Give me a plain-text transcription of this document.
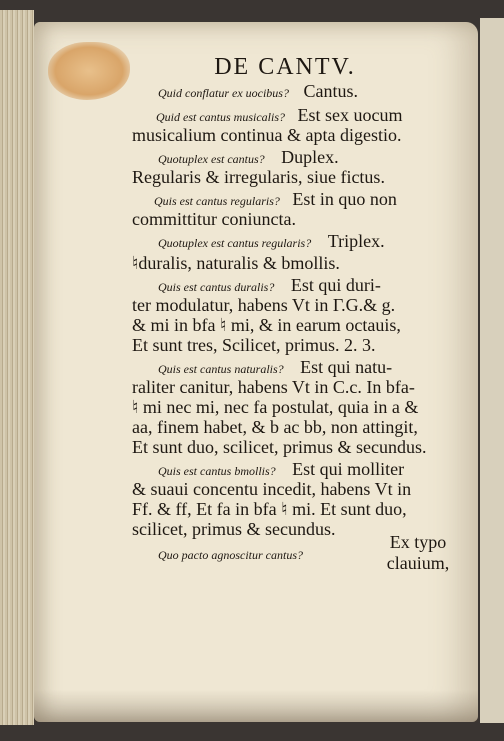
DE CANTV.
Quid conflatur ex uocibus? Cantus.
Quid est cantus musicalis? Est sex uocum
musicalium continua & apta digestio.
Quotuplex est cantus? Duplex.
Regularis & irregularis, siue fictus.
Quis est cantus regularis? Est in quo non
committitur coniuncta.
Quotuplex est cantus regularis? Triplex.
♮duralis, naturalis & bmollis.
Quis est cantus duralis? Est qui duri-
ter modulatur, habens Vt in Γ.G.& g.
& mi in bfa ♮ mi, & in earum octauis,
Et sunt tres, Scilicet, primus. 2. 3.
Quis est cantus naturalis? Est qui natu-
raliter canitur, habens Vt in C.c. In bfa-
♮ mi nec mi, nec fa postulat, quia in a &
aa, finem habet, & b ac bb, non attingit,
Et sunt duo, scilicet, primus & secundus.
Quis est cantus bmollis? Est qui molliter
& suaui concentu incedit, habens Vt in
Ff. & ff, Et fa in bfa ♮ mi. Et sunt duo,
scilicet, primus & secundus.
Quo pacto agnoscitur cantus?
Ex typo
clauium,
